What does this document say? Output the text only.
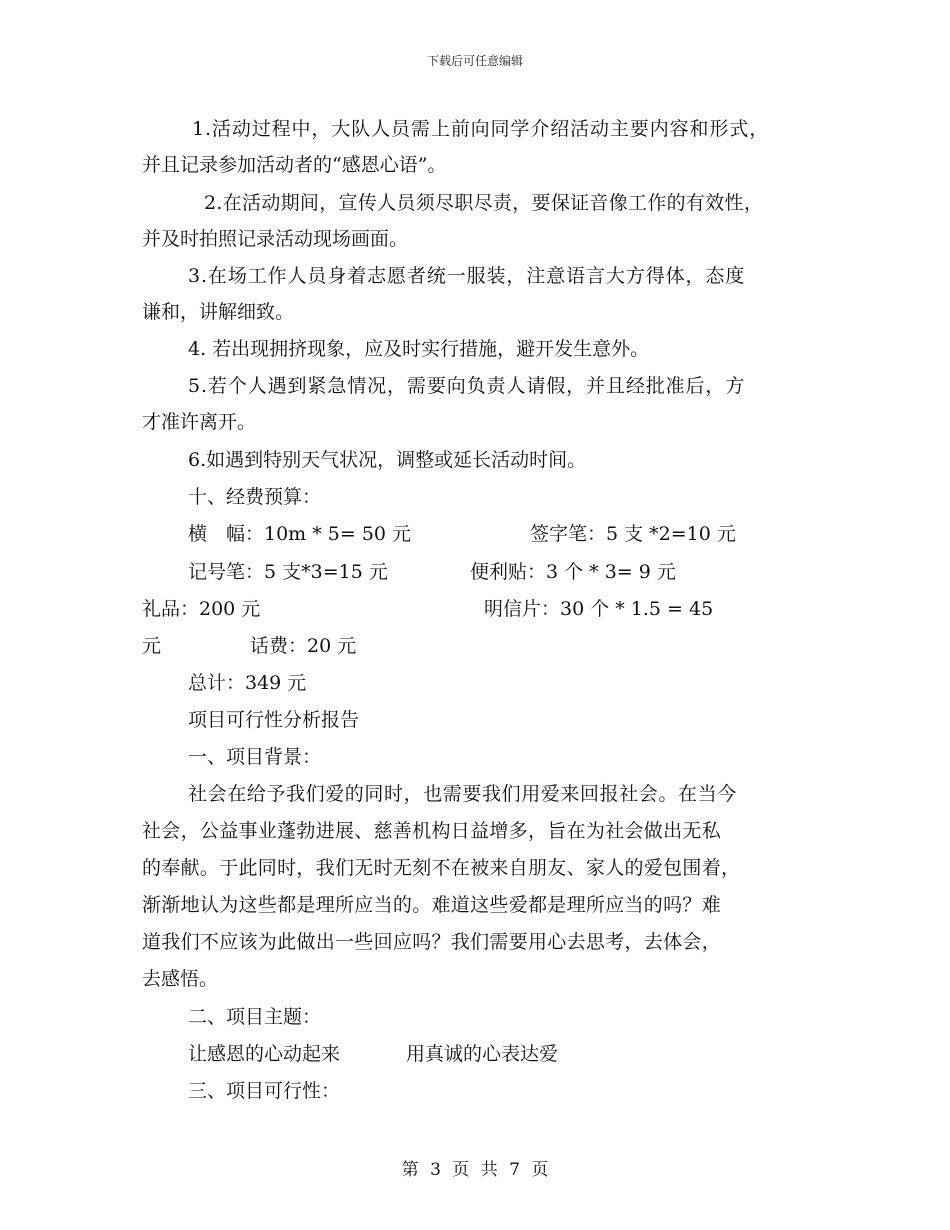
下载后可任意编辑
1.活动过程中，大队人员需上前向同学介绍活动主要内容和形式，
并且记录参加活动者的“感恩心语”。
2.在活动期间，宣传人员须尽职尽责，要保证音像工作的有效性，
并及时拍照记录活动现场画面。
3.在场工作人员身着志愿者统一服装，注意语言大方得体，态度
谦和，讲解细致。
4. 若出现拥挤现象，应及时实行措施，避开发生意外。
5.若个人遇到紧急情况，需要向负责人请假，并且经批准后，方
才准许离开。
6.如遇到特别天气状况，调整或延长活动时间。
十、经费预算：
横　幅：10m * 5= 50 元	签字笔：5 支 *2=10 元
记号笔：5 支*3=15 元	便利贴：3 个 * 3= 9 元
礼品：200 元	明信片：30 个 * 1.5 = 45
元	话费：20 元
总计：349 元
项目可行性分析报告
一、项目背景：
社会在给予我们爱的同时，也需要我们用爱来回报社会。在当今
社会，公益事业蓬勃进展、慈善机构日益增多，旨在为社会做出无私
的奉献。于此同时，我们无时无刻不在被来自朋友、家人的爱包围着，
渐渐地认为这些都是理所应当的。难道这些爱都是理所应当的吗？难
道我们不应该为此做出一些回应吗？我们需要用心去思考，去体会，
去感悟。
二、项目主题：
让感恩的心动起来	用真诚的心表达爱
三、项目可行性：
第 3 页 共 7 页
